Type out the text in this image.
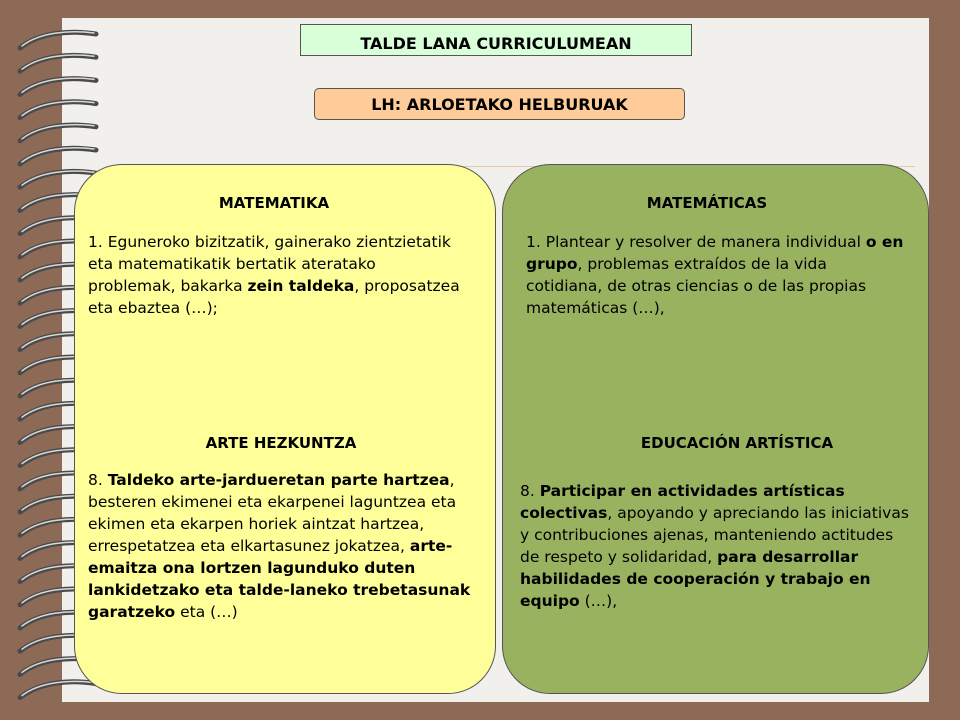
TALDE LANA CURRICULUMEAN
LH: ARLOETAKO HELBURUAK
MATEMATIKA
1. Eguneroko bizitzatik, gainerako zientzietatik eta matematikatik bertatik ateratako problemak, bakarka zein taldeka, proposatzea eta ebaztea (…);
ARTE HEZKUNTZA
8. Taldeko arte-jardueretan parte hartzea, besteren ekimenei eta ekarpenei laguntzea eta ekimen eta ekarpen horiek aintzat hartzea, errespetatzea eta elkartasunez jokatzea, arte-emaitza ona lortzen lagunduko duten lankidetzako eta talde-laneko trebetasunak garatzeko eta (…)
MATEMÁTICAS
1. Plantear y resolver de manera individual o en grupo, problemas extraídos de la vida cotidiana, de otras ciencias o de las propias matemáticas (…),
EDUCACIÓN ARTÍSTICA
8. Participar en actividades artísticas colectivas, apoyando y apreciando las iniciativas y contribuciones ajenas, manteniendo actitudes de respeto y solidaridad, para desarrollar habilidades de cooperación y trabajo en equipo (…),
